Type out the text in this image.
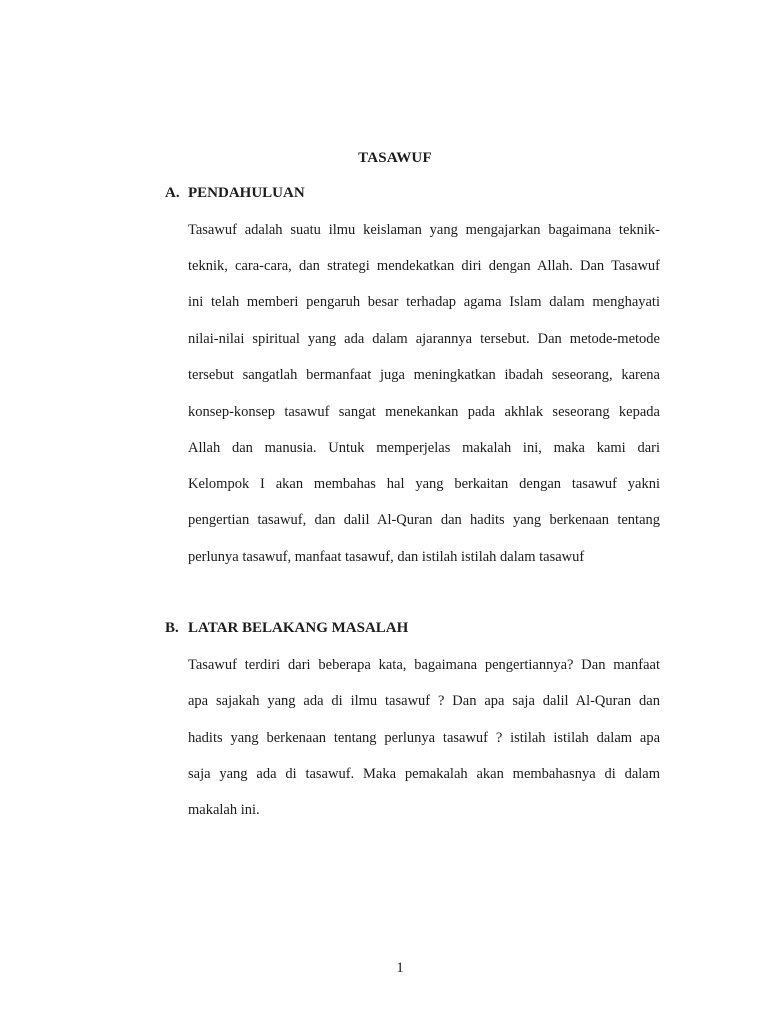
TASAWUF
A. PENDAHULUAN
Tasawuf adalah suatu ilmu keislaman yang mengajarkan bagaimana teknik-
teknik, cara-cara, dan strategi mendekatkan diri dengan Allah. Dan Tasawuf
ini telah memberi pengaruh besar terhadap agama Islam dalam menghayati
nilai-nilai spiritual yang ada dalam ajarannya tersebut. Dan metode-metode
tersebut sangatlah bermanfaat juga meningkatkan ibadah seseorang, karena
konsep-konsep tasawuf sangat menekankan pada akhlak seseorang kepada
Allah dan manusia. Untuk memperjelas makalah ini, maka kami dari
Kelompok I akan membahas hal yang berkaitan dengan tasawuf yakni
pengertian tasawuf, dan dalil Al-Quran dan hadits yang berkenaan tentang
perlunya tasawuf, manfaat tasawuf, dan istilah istilah dalam tasawuf
B. LATAR BELAKANG MASALAH
Tasawuf terdiri dari beberapa kata, bagaimana pengertiannya? Dan manfaat
apa sajakah yang ada di ilmu tasawuf ? Dan apa saja dalil Al-Quran dan
hadits yang berkenaan tentang perlunya tasawuf ? istilah istilah dalam apa
saja yang ada di tasawuf. Maka pemakalah akan membahasnya di dalam
makalah ini.
1
